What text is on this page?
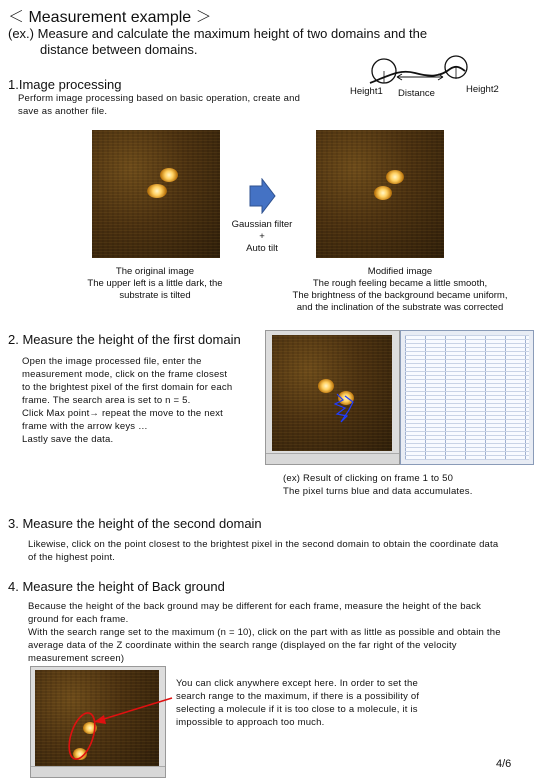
＜ Measurement example ＞
(ex.) Measure and calculate the maximum height of two domains and the
distance between domains.
Height1 Distance	Height2
1.Image processing
Perform image processing based on basic operation, create and
save as another file.
Gaussian filter
+
Auto tilt
The original image
The upper left is a little dark, the
substrate is tilted
Modified image
The rough feeling became a little smooth,
The brightness of the background became uniform,
and the inclination of the substrate was corrected
2. Measure the height of the first domain
Open the image processed file, enter the
measurement mode, click on the frame closest
to the brightest pixel of the first domain for each
frame. The search area is set to n = 5.
Click Max point→ repeat the move to the next
frame with the arrow keys …
Lastly save the data.
(ex) Result of clicking on frame 1 to 50
The pixel turns blue and data accumulates.
3. Measure the height of the second domain
Likewise, click on the point closest to the brightest pixel in the second domain to obtain the coordinate data
of the highest point.
4. Measure the height of Back ground
Because the height of the back ground may be different for each frame, measure the height of the back
ground for each frame.
With the search range set to the maximum (n = 10), click on the part with as little as possible and obtain the
average data of the Z coordinate within the search range (displayed on the far right of the velocity
measurement screen)
You can click anywhere except here. In order to set the
search range to the maximum, if there is a possibility of
selecting a molecule if it is too close to a molecule, it is
impossible to approach too much.
4/6
